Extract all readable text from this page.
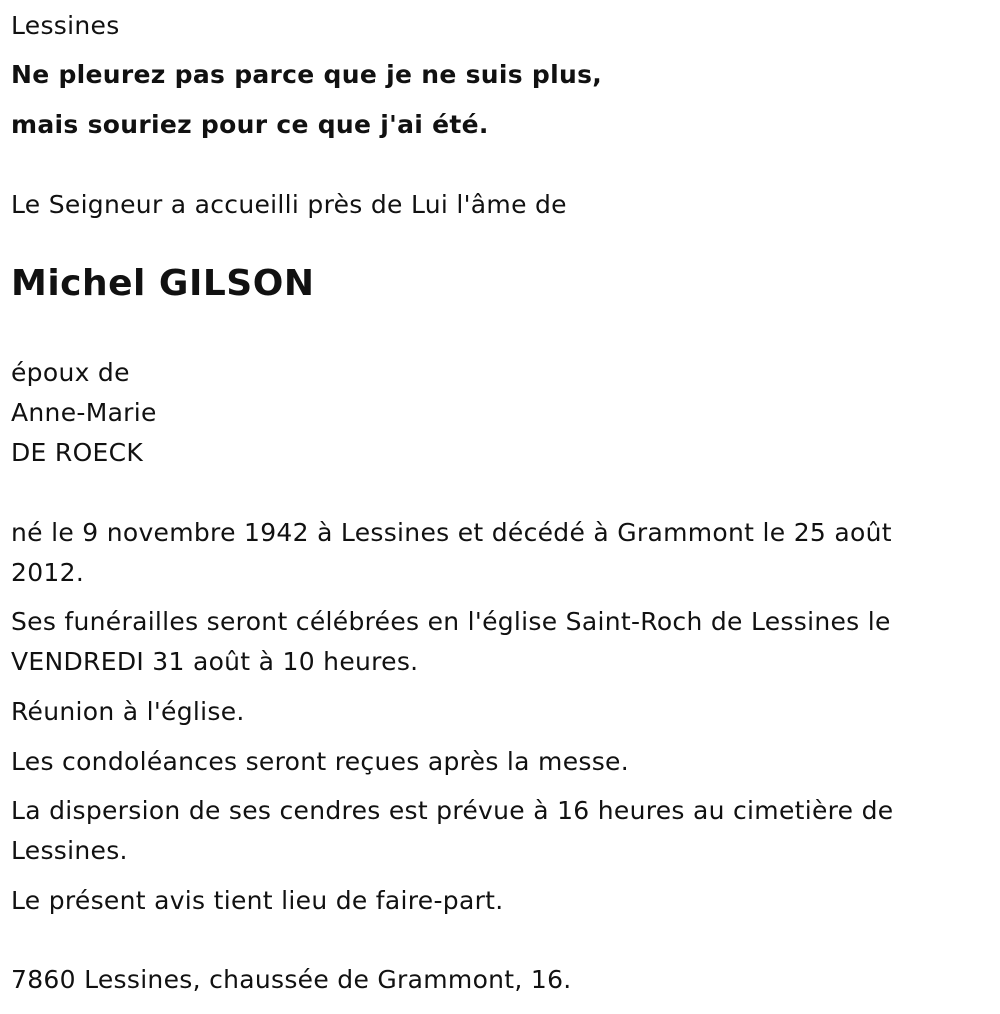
Lessines
Ne pleurez pas parce que je ne suis plus,
mais souriez pour ce que j'ai été.
Le Seigneur a accueilli près de Lui l'âme de
Michel GILSON
époux de
Anne-Marie
DE ROECK
né le 9 novembre 1942 à Lessines et décédé à Grammont le 25 août 2012.
Ses funérailles seront célébrées en l'église Saint-Roch de Lessines le VENDREDI 31 août à 10 heures.
Réunion à l'église.
Les condoléances seront reçues après la messe.
La dispersion de ses cendres est prévue à 16 heures au cimetière de Lessines.
Le présent avis tient lieu de faire-part.
7860 Lessines, chaussée de Grammont, 16.
